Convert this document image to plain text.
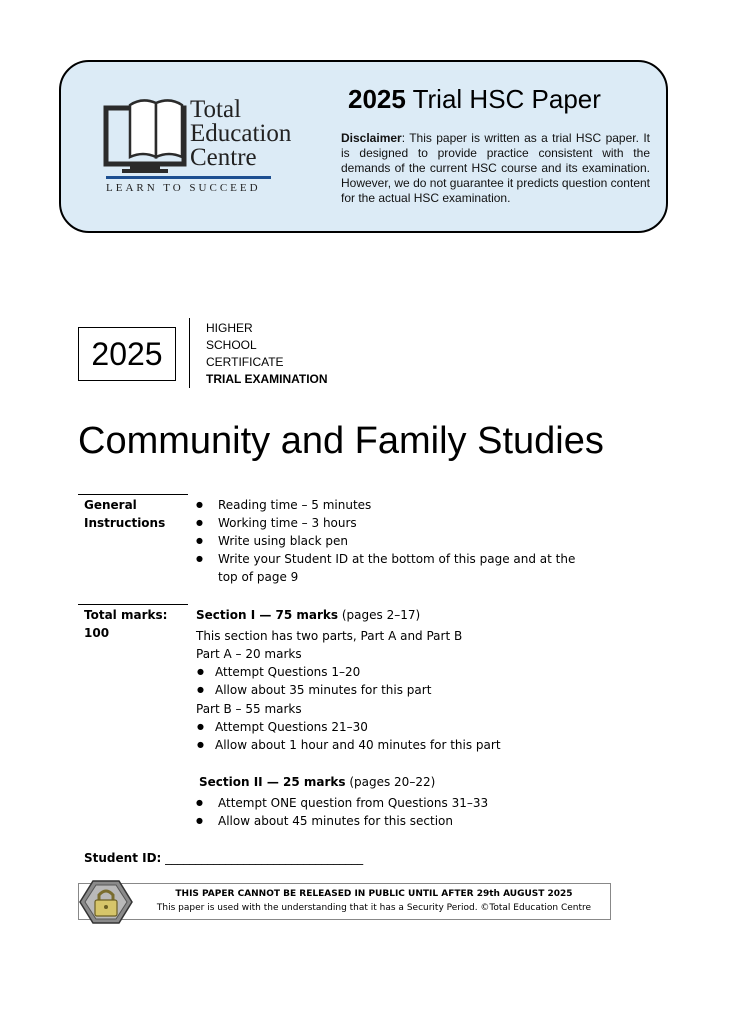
Total
Education
Centre
LEARN TO SUCCEED
2025 Trial HSC Paper
Disclaimer: This paper is written as a trial HSC paper. It is designed to provide practice consistent with the demands of the current HSC course and its examination. However, we do not guarantee it predicts question content for the actual HSC examination.
2025
HIGHER
SCHOOL
CERTIFICATE
TRIAL EXAMINATION
Community and Family Studies
General
Instructions
● Reading time – 5 minutes
● Working time – 3 hours
● Write using black pen
● Write your Student ID at the bottom of this page and at the
top of page 9
Total marks:
100
Section I — 75 marks (pages 2–17)
This section has two parts, Part A and Part B
Part A – 20 marks
● Attempt Questions 1–20
● Allow about 35 minutes for this part
Part B – 55 marks
● Attempt Questions 21–30
● Allow about 1 hour and 40 minutes for this part
Section II — 25 marks (pages 20–22)
● Attempt ONE question from Questions 31–33
● Allow about 45 minutes for this section
Student ID: _________________________________
THIS PAPER CANNOT BE RELEASED IN PUBLIC UNTIL AFTER 29th AUGUST 2025
This paper is used with the understanding that it has a Security Period. ©Total Education Centre
